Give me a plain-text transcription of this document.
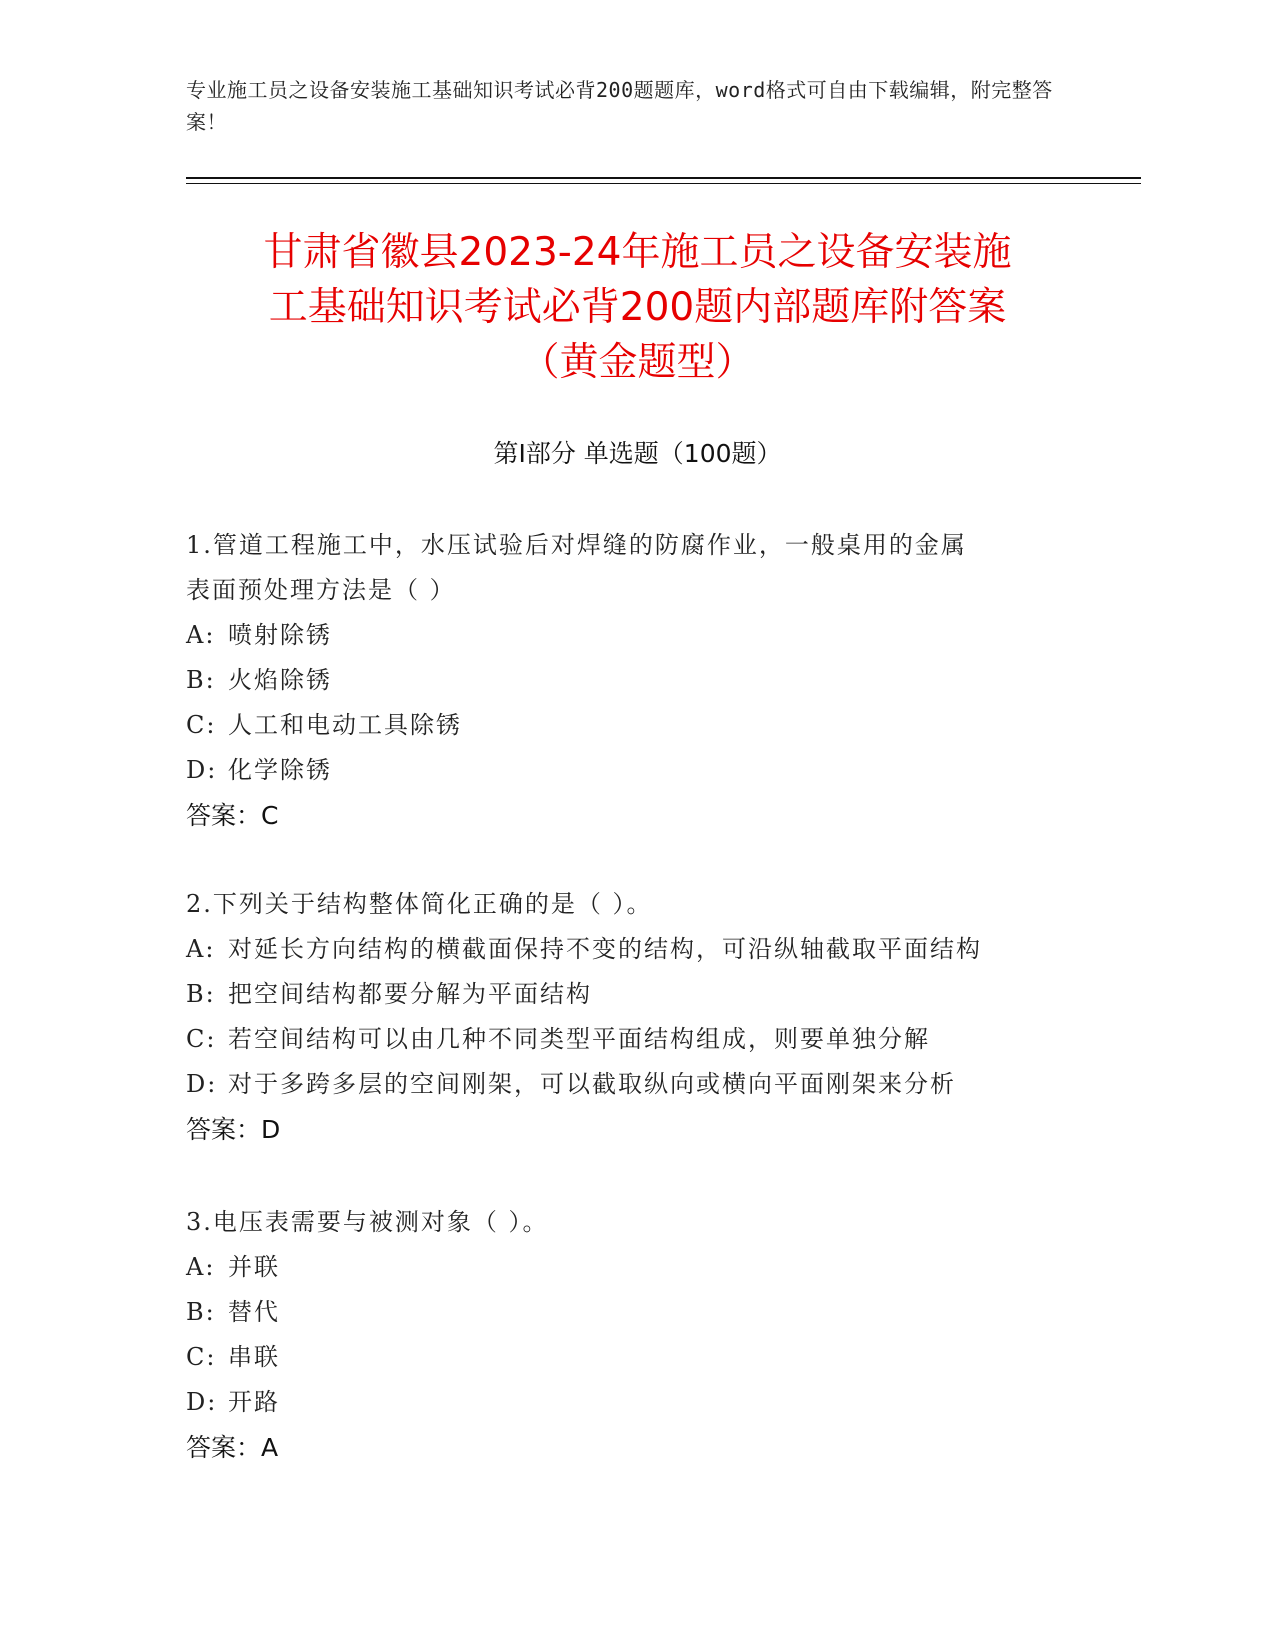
专业施工员之设备安装施工基础知识考试必背200题题库，word格式可自由下载编辑，附完整答案！
甘肃省徽县2023-24年施工员之设备安装施
工基础知识考试必背200题内部题库附答案
（黄金题型）
第Ⅰ部分 单选题（100题）
1.管道工程施工中，水压试验后对焊缝的防腐作业，一般桌用的金属
表面预处理方法是（ ）
A: 喷射除锈
B: 火焰除锈
C: 人工和电动工具除锈
D: 化学除锈
答案：C
2.下列关于结构整体简化正确的是（ ）。
A: 对延长方向结构的横截面保持不变的结构，可沿纵轴截取平面结构
B: 把空间结构都要分解为平面结构
C: 若空间结构可以由几种不同类型平面结构组成，则要单独分解
D: 对于多跨多层的空间刚架，可以截取纵向或横向平面刚架来分析
答案：D
3.电压表需要与被测对象（ ）。
A: 并联
B: 替代
C: 串联
D: 开路
答案：A
